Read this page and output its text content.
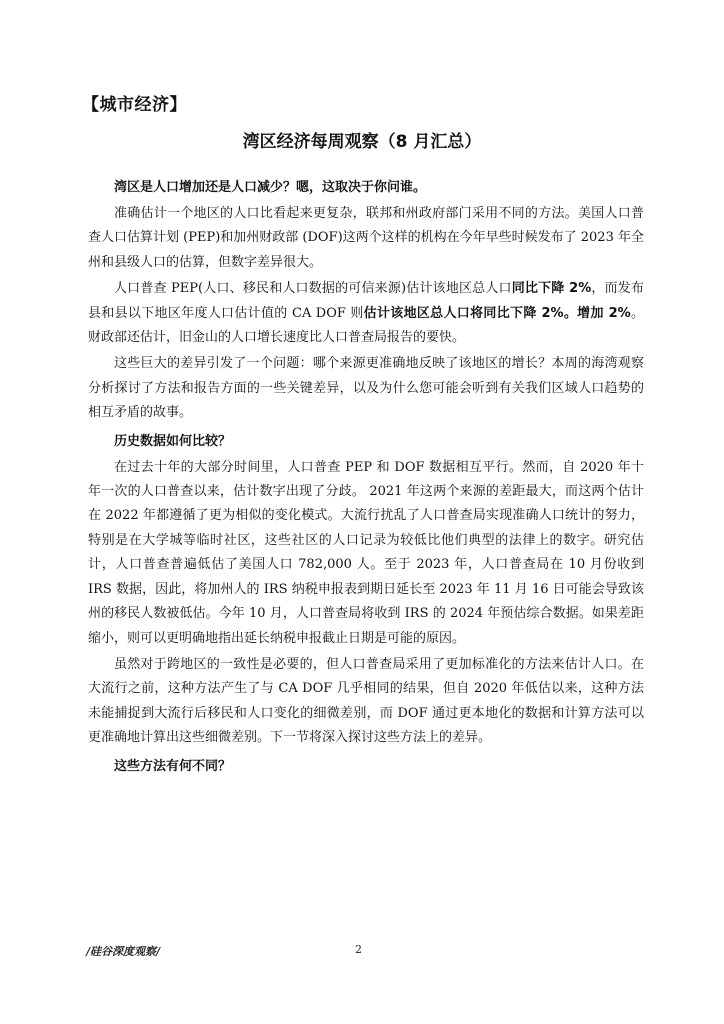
【城市经济】
湾区经济每周观察（8 月汇总）
湾区是人口增加还是人口减少？嗯，这取决于你问谁。

准确估计一个地区的人口比看起来更复杂，联邦和州政府部门采用不同的方法。美国人口普查人口估算计划 (PEP)和加州财政部 (DOF)这两个这样的机构在今年早些时候发布了 2023 年全州和县级人口的估算，但数字差异很大。

人口普查 PEP(人口、移民和人口数据的可信来源)估计该地区总人口同比下降 2%，而发布县和县以下地区年度人口估计值的 CA DOF 则估计该地区总人口将同比下降 2%。增加 2%。财政部还估计，旧金山的人口增长速度比人口普查局报告的要快。

这些巨大的差异引发了一个问题：哪个来源更准确地反映了该地区的增长？本周的海湾观察分析探讨了方法和报告方面的一些关键差异，以及为什么您可能会听到有关我们区域人口趋势的相互矛盾的故事。

历史数据如何比较？

在过去十年的大部分时间里，人口普查 PEP 和 DOF 数据相互平行。然而，自 2020 年十年一次的人口普查以来，估计数字出现了分歧。 2021 年这两个来源的差距最大，而这两个估计在 2022 年都遵循了更为相似的变化模式。大流行扰乱了人口普查局实现准确人口统计的努力，特别是在大学城等临时社区，这些社区的人口记录为较低比他们典型的法律上的数字。研究估计，人口普查普遍低估了美国人口 782,000 人。至于 2023 年，人口普查局在 10 月份收到 IRS 数据，因此，将加州人的 IRS 纳税申报表到期日延长至 2023 年 11 月 16 日可能会导致该州的移民人数被低估。今年 10 月，人口普查局将收到 IRS 的 2024 年预估综合数据。如果差距缩小，则可以更明确地指出延长纳税申报截止日期是可能的原因。

虽然对于跨地区的一致性是必要的，但人口普查局采用了更加标准化的方法来估计人口。在大流行之前，这种方法产生了与 CA DOF 几乎相同的结果，但自 2020 年低估以来，这种方法未能捕捉到大流行后移民和人口变化的细微差别，而 DOF 通过更本地化的数据和计算方法可以更准确地计算出这些细微差别。下一节将深入探讨这些方法上的差异。

这些方法有何不同？
/硅谷深度观察/	2
